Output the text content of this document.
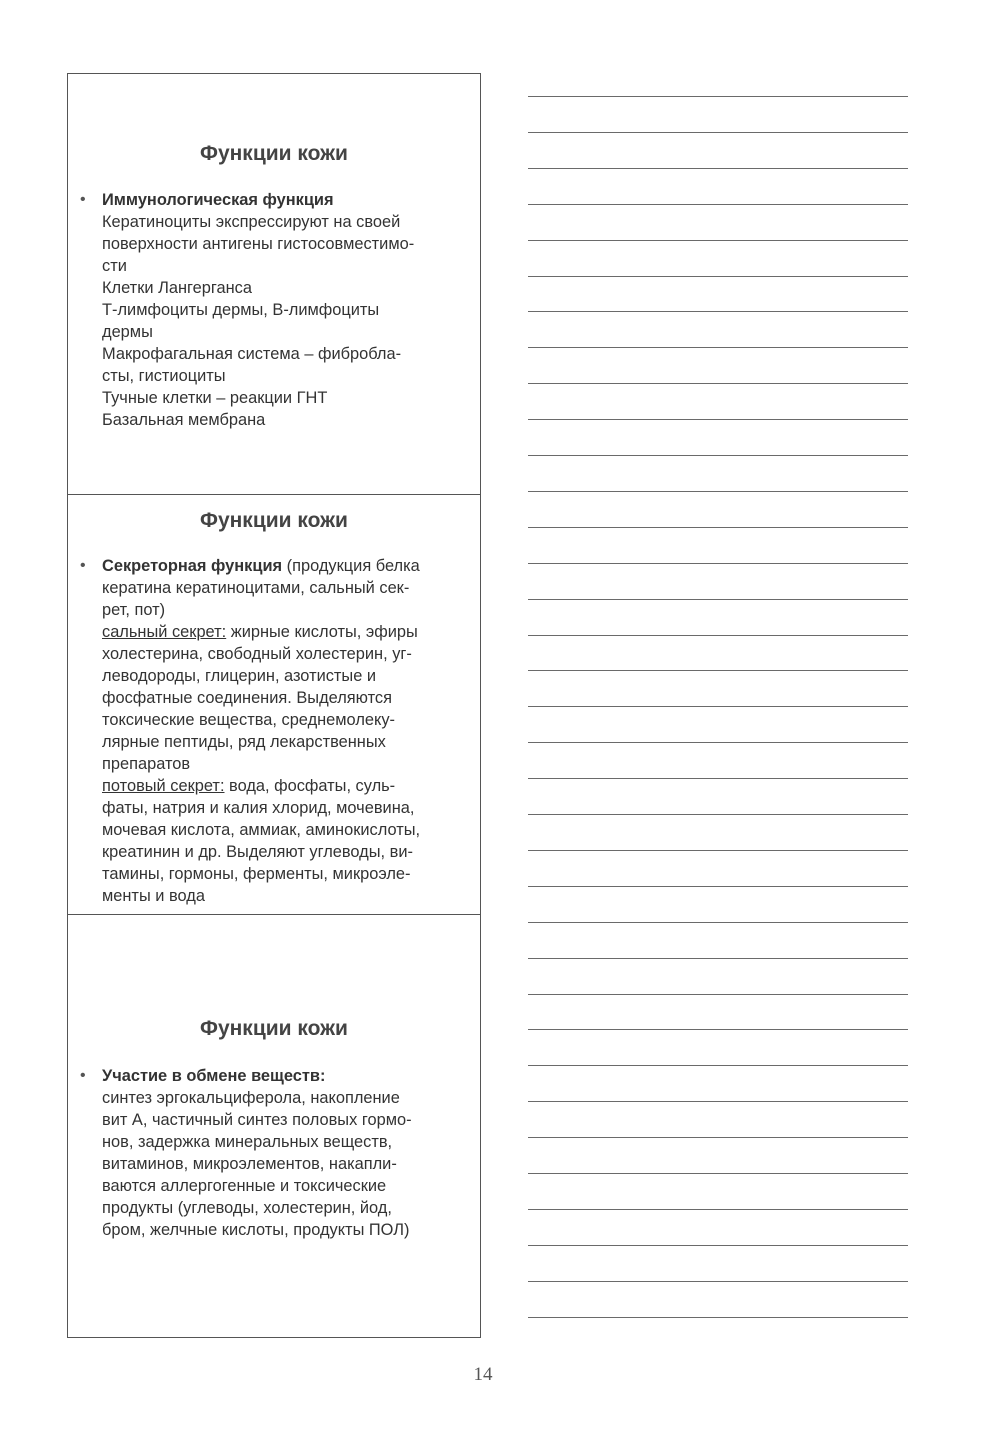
Функции кожи
• Иммунологическая функция
Кератиноциты экспрессируют на своей
поверхности антигены гистосовместимо-
сти
Клетки Лангерганса
Т-лимфоциты дермы, В-лимфоциты
дермы
Макрофагальная система – фибробла-
сты, гистиоциты
Тучные клетки – реакции ГНТ
Базальная мембрана
Функции кожи
• Секреторная функция (продукция белка
кератина кератиноцитами, сальный сек-
рет, пот)
сальный секрет: жирные кислоты, эфиры
холестерина, свободный холестерин, уг-
леводороды, глицерин, азотистые и
фосфатные соединения. Выделяются
токсические вещества, среднемолеку-
лярные пептиды, ряд лекарственных
препаратов
потовый секрет: вода, фосфаты, суль-
фаты, натрия и калия хлорид, мочевина,
мочевая кислота, аммиак, аминокислоты,
креатинин и др. Выделяют углеводы, ви-
тамины, гормоны, ферменты, микроэле-
менты и вода
Функции кожи
• Участие в обмене веществ:
синтез эргокальциферола, накопление
вит А, частичный синтез половых гормо-
нов, задержка минеральных веществ,
витаминов, микроэлементов, накапли-
ваются аллергогенные и токсические
продукты (углеводы, холестерин, йод,
бром, желчные кислоты, продукты ПОЛ)
14
